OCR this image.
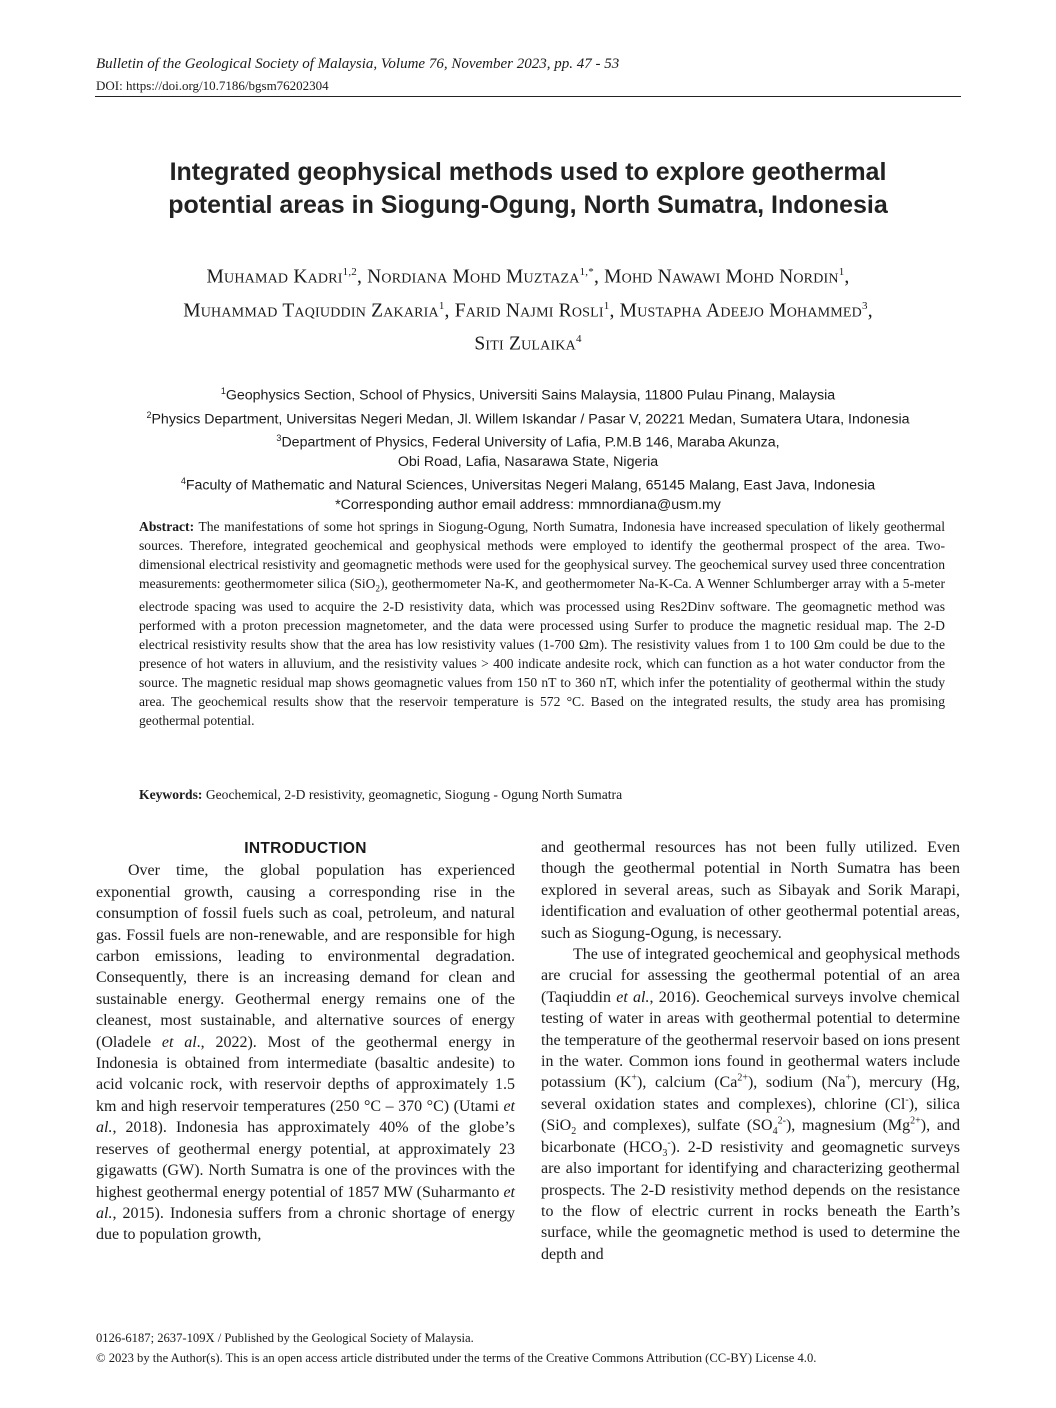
Bulletin of the Geological Society of Malaysia, Volume 76, November 2023, pp. 47 - 53
DOI: https://doi.org/10.7186/bgsm76202304
Integrated geophysical methods used to explore geothermal
potential areas in Siogung-Ogung, North Sumatra, Indonesia
Muhamad Kadri$^{1,2}$, Nordiana Mohd Muztaza$^{1,*}$, Mohd Nawawi Mohd Nordin$^1$,
Muhammad Taqiuddin Zakaria$^1$, Farid Najmi Rosli$^1$, Mustapha Adeejo Mohammed$^3$,
Siti Zulaika$^4$
$^1$Geophysics Section, School of Physics, Universiti Sains Malaysia, 11800 Pulau Pinang, Malaysia
$^2$Physics Department, Universitas Negeri Medan, Jl. Willem Iskandar / Pasar V, 20221 Medan, Sumatera Utara, Indonesia
$^3$Department of Physics, Federal University of Lafia, P.M.B 146, Maraba Akunza,
Obi Road, Lafia, Nasarawa State, Nigeria
$^4$Faculty of Mathematic and Natural Sciences, Universitas Negeri Malang, 65145 Malang, East Java, Indonesia
*Corresponding author email address: mmnordiana@usm.my
Abstract: The manifestations of some hot springs in Siogung-Ogung, North Sumatra, Indonesia have increased speculation of likely geothermal sources. Therefore, integrated geochemical and geophysical methods were employed to identify the geothermal prospect of the area. Two-dimensional electrical resistivity and geomagnetic methods were used for the geophysical survey. The geochemical survey used three concentration measurements: geothermometer silica (SiO$_2$), geothermometer Na-K, and geothermometer Na-K-Ca. A Wenner Schlumberger array with a 5-meter electrode spacing was used to acquire the 2-D resistivity data, which was processed using Res2Dinv software. The geomagnetic method was performed with a proton precession magnetometer, and the data were processed using Surfer to produce the magnetic residual map. The 2-D electrical resistivity results show that the area has low resistivity values (1-700 Ωm). The resistivity values from 1 to 100 Ωm could be due to the presence of hot waters in alluvium, and the resistivity values > 400 indicate andesite rock, which can function as a hot water conductor from the source. The magnetic residual map shows geomagnetic values from 150 nT to 360 nT, which infer the potentiality of geothermal within the study area. The geochemical results show that the reservoir temperature is 572 °C. Based on the integrated results, the study area has promising geothermal potential.
Keywords: Geochemical, 2-D resistivity, geomagnetic, Siogung - Ogung North Sumatra
INTRODUCTION

Over time, the global population has experienced exponential growth, causing a corresponding rise in the consumption of fossil fuels such as coal, petroleum, and natural gas. Fossil fuels are non-renewable, and are responsible for high carbon emissions, leading to environmental degradation. Consequently, there is an increasing demand for clean and sustainable energy. Geothermal energy remains one of the cleanest, most sustainable, and alternative sources of energy (Oladele et al., 2022). Most of the geothermal energy in Indonesia is obtained from intermediate (basaltic andesite) to acid volcanic rock, with reservoir depths of approximately 1.5 km and high reservoir temperatures (250 °C – 370 °C) (Utami et al., 2018). Indonesia has approximately 40% of the globe’s reserves of geothermal energy potential, at approximately 23 gigawatts (GW). North Sumatra is one of the provinces with the highest geothermal energy potential of 1857 MW (Suharmanto et al., 2015). Indonesia suffers from a chronic shortage of energy due to population growth,

and geothermal resources has not been fully utilized. Even though the geothermal potential in North Sumatra has been explored in several areas, such as Sibayak and Sorik Marapi, identification and evaluation of other geothermal potential areas, such as Siogung-Ogung, is necessary.

The use of integrated geochemical and geophysical methods are crucial for assessing the geothermal potential of an area (Taqiuddin et al., 2016). Geochemical surveys involve chemical testing of water in areas with geothermal potential to determine the temperature of the geothermal reservoir based on ions present in the water. Common ions found in geothermal waters include potassium (K+), calcium $(Ca^{2+})$, sodium (Na+), mercury (Hg, several oxidation states and complexes), chlorine (Cl-), silica (SiO$_2$ and complexes), sulfate $(SO_4^{2-})$, magnesium $(Mg^{2+})$, and bicarbonate $(HCO_3^-)$. 2-D resistivity and geomagnetic surveys are also important for identifying and characterizing geothermal prospects. The 2-D resistivity method depends on the resistance to the flow of electric current in rocks beneath the Earth’s surface, while the geomagnetic method is used to determine the depth and

0126-6187; 2637-109X / Published by the Geological Society of Malaysia.
© 2023 by the Author(s). This is an open access article distributed under the terms of the Creative Commons Attribution (CC-BY) License 4.0.
